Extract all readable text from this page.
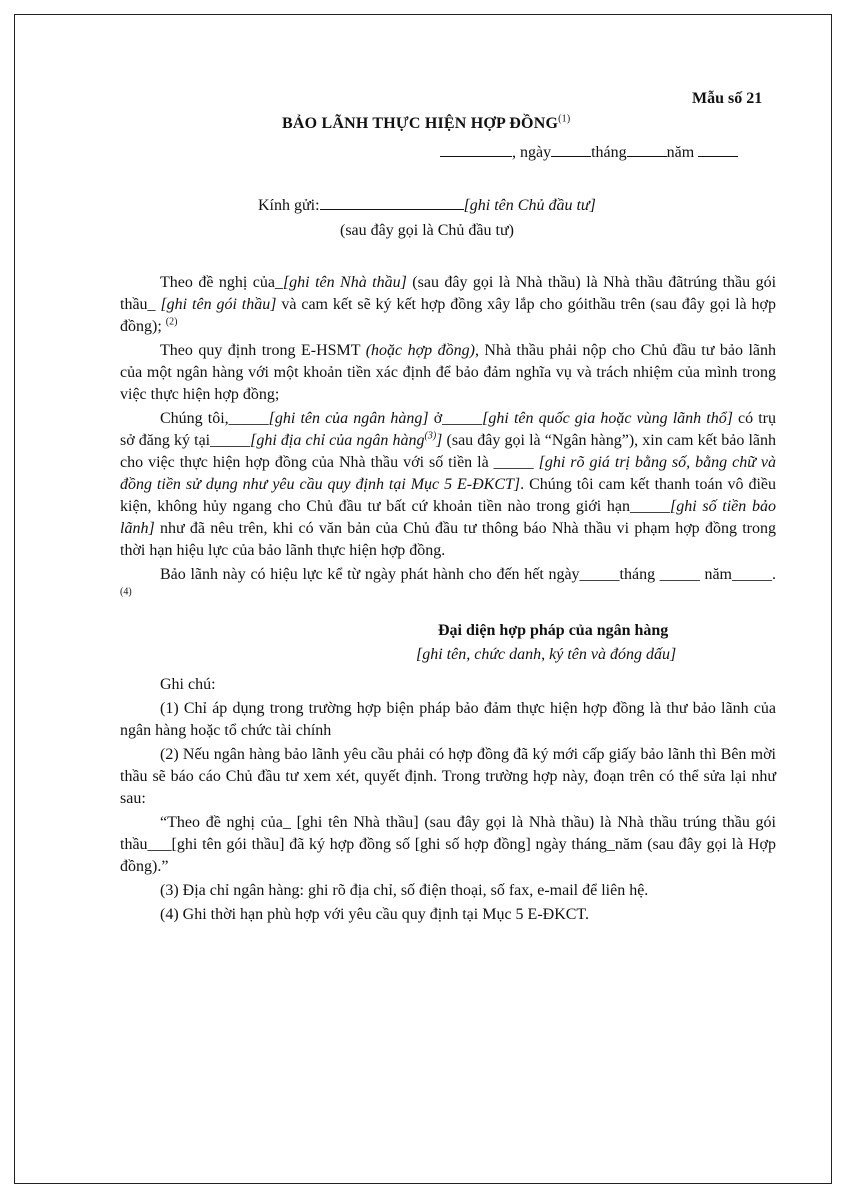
Mẫu số 21
BẢO LÃNH THỰC HIỆN HỢP ĐỒNG$^{(1)}$
, ngày	tháng	năm
Kính gửi:	[ghi tên Chủ đầu tư]
(sau đây gọi là Chủ đầu tư)

Theo đề nghị của_[ghi tên Nhà thầu] (sau đây gọi là Nhà thầu) là Nhà thầu đãtrúng thầu gói thầu_ [ghi tên gói thầu] và cam kết sẽ ký kết hợp đồng xây lắp cho góithầu trên (sau đây gọi là hợp đồng); $^{(2)}$

Theo quy định trong E-HSMT (hoặc hợp đồng), Nhà thầu phải nộp cho Chủ đầu tư bảo lãnh của một ngân hàng với một khoản tiền xác định để bảo đảm nghĩa vụ và trách nhiệm của mình trong việc thực hiện hợp đồng;

Chúng tôi,_____[ghi tên của ngân hàng] ở_____[ghi tên quốc gia hoặc vùng lãnh thổ] có trụ sở đăng ký tại_____[ghi địa chỉ của ngân hàng$^{(3)}$] (sau đây gọi là “Ngân hàng”), xin cam kết bảo lãnh cho việc thực hiện hợp đồng của Nhà thầu với số tiền là _____ [ghi rõ giá trị bằng số, bằng chữ và đồng tiền sử dụng như yêu cầu quy định tại Mục 5 E-ĐKCT]. Chúng tôi cam kết thanh toán vô điều kiện, không hủy ngang cho Chủ đầu tư bất cứ khoản tiền nào trong giới hạn_____[ghi số tiền bảo lãnh] như đã nêu trên, khi có văn bản của Chủ đầu tư thông báo Nhà thầu vi phạm hợp đồng trong thời hạn hiệu lực của bảo lãnh thực hiện hợp đồng.

Bảo lãnh này có hiệu lực kể từ ngày phát hành cho đến hết ngày_____tháng _____ năm_____.$^{(4)}$

Đại diện hợp pháp của ngân hàng

[ghi tên, chức danh, ký tên và đóng dấu]

Ghi chú:

(1) Chỉ áp dụng trong trường hợp biện pháp bảo đảm thực hiện hợp đồng là thư bảo lãnh của ngân hàng hoặc tổ chức tài chính

(2) Nếu ngân hàng bảo lãnh yêu cầu phải có hợp đồng đã ký mới cấp giấy bảo lãnh thì Bên mời thầu sẽ báo cáo Chủ đầu tư xem xét, quyết định. Trong trường hợp này, đoạn trên có thể sửa lại như sau:

“Theo đề nghị của_ [ghi tên Nhà thầu] (sau đây gọi là Nhà thầu) là Nhà thầu trúng thầu gói thầu___[ghi tên gói thầu] đã ký hợp đồng số [ghi số hợp đồng] ngày tháng_năm (sau đây gọi là Hợp đồng).”

(3) Địa chỉ ngân hàng: ghi rõ địa chỉ, số điện thoại, số fax, e-mail để liên hệ.

(4) Ghi thời hạn phù hợp với yêu cầu quy định tại Mục 5 E-ĐKCT.
